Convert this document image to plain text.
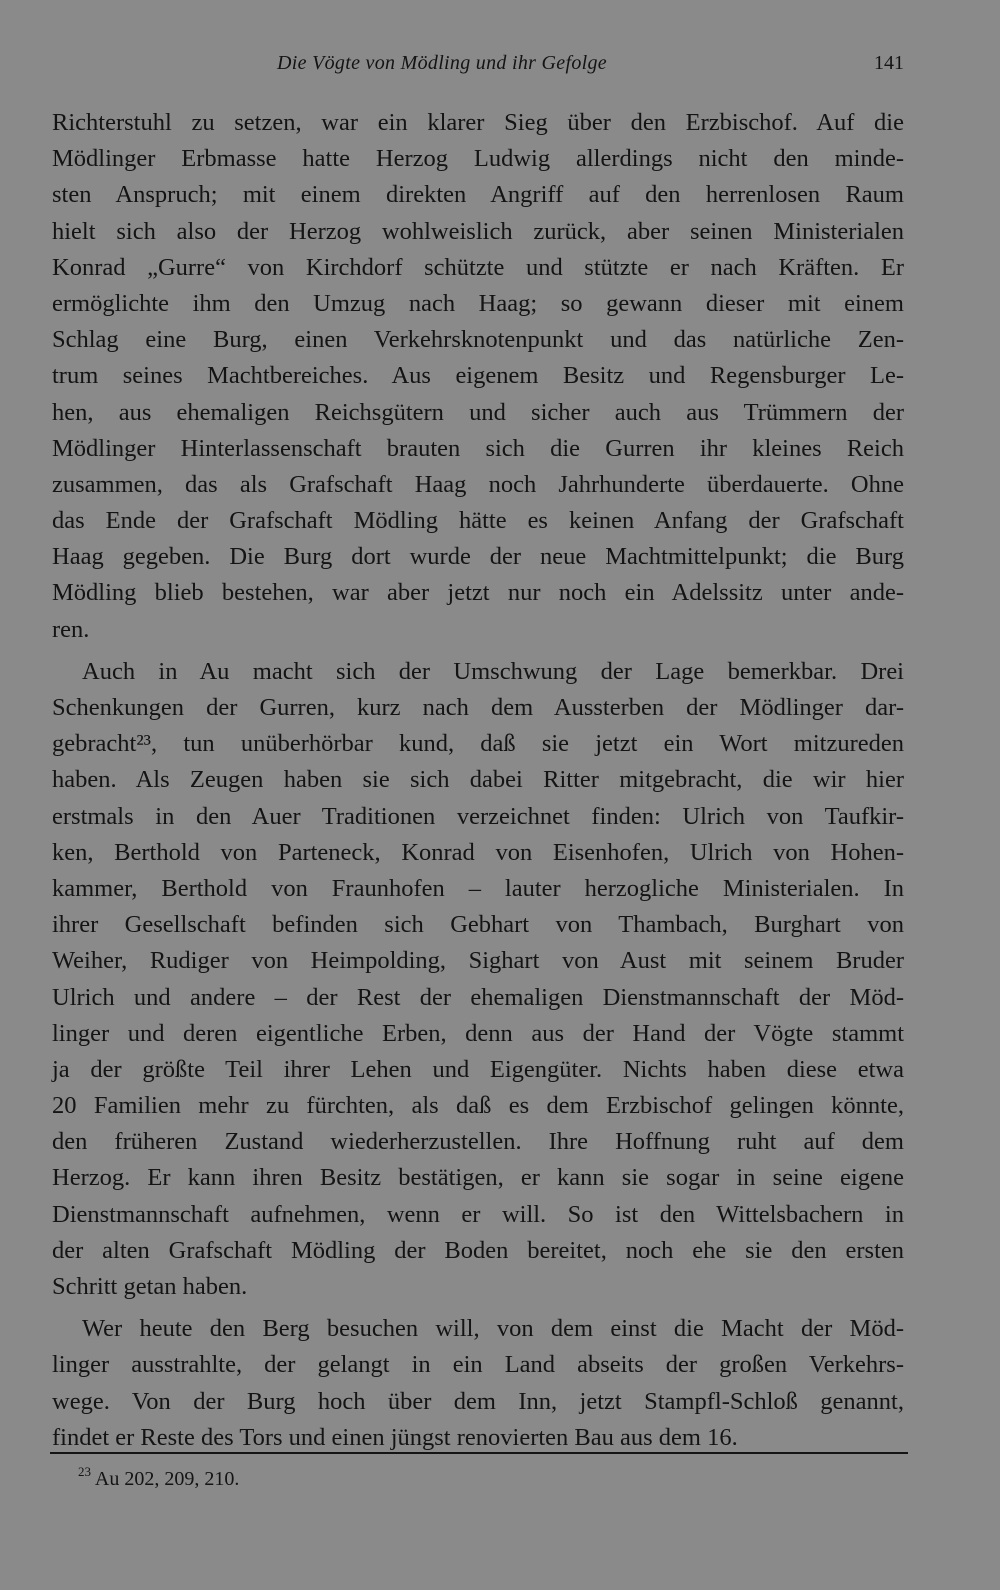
Die Vögte von Mödling und ihr Gefolge	141
Richterstuhl zu setzen, war ein klarer Sieg über den Erzbischof. Auf die
Mödlinger Erbmasse hatte Herzog Ludwig allerdings nicht den minde-
sten Anspruch; mit einem direkten Angriff auf den herrenlosen Raum
hielt sich also der Herzog wohlweislich zurück, aber seinen Ministerialen
Konrad „Gurre“ von Kirchdorf schützte und stützte er nach Kräften. Er
ermöglichte ihm den Umzug nach Haag; so gewann dieser mit einem
Schlag eine Burg, einen Verkehrsknotenpunkt und das natürliche Zen-
trum seines Machtbereiches. Aus eigenem Besitz und Regensburger Le-
hen, aus ehemaligen Reichsgütern und sicher auch aus Trümmern der
Mödlinger Hinterlassenschaft brauten sich die Gurren ihr kleines Reich
zusammen, das als Grafschaft Haag noch Jahrhunderte überdauerte. Ohne
das Ende der Grafschaft Mödling hätte es keinen Anfang der Grafschaft
Haag gegeben. Die Burg dort wurde der neue Machtmittelpunkt; die Burg
Mödling blieb bestehen, war aber jetzt nur noch ein Adelssitz unter ande-
ren.
Auch in Au macht sich der Umschwung der Lage bemerkbar. Drei
Schenkungen der Gurren, kurz nach dem Aussterben der Mödlinger dar-
gebracht²³, tun unüberhörbar kund, daß sie jetzt ein Wort mitzureden
haben. Als Zeugen haben sie sich dabei Ritter mitgebracht, die wir hier
erstmals in den Auer Traditionen verzeichnet finden: Ulrich von Taufkir-
ken, Berthold von Parteneck, Konrad von Eisenhofen, Ulrich von Hohen-
kammer, Berthold von Fraunhofen – lauter herzogliche Ministerialen. In
ihrer Gesellschaft befinden sich Gebhart von Thambach, Burghart von
Weiher, Rudiger von Heimpolding, Sighart von Aust mit seinem Bruder
Ulrich und andere – der Rest der ehemaligen Dienstmannschaft der Möd-
linger und deren eigentliche Erben, denn aus der Hand der Vögte stammt
ja der größte Teil ihrer Lehen und Eigengüter. Nichts haben diese etwa
20 Familien mehr zu fürchten, als daß es dem Erzbischof gelingen könnte,
den früheren Zustand wiederherzustellen. Ihre Hoffnung ruht auf dem
Herzog. Er kann ihren Besitz bestätigen, er kann sie sogar in seine eigene
Dienstmannschaft aufnehmen, wenn er will. So ist den Wittelsbachern in
der alten Grafschaft Mödling der Boden bereitet, noch ehe sie den ersten
Schritt getan haben.
Wer heute den Berg besuchen will, von dem einst die Macht der Möd-
linger ausstrahlte, der gelangt in ein Land abseits der großen Verkehrs-
wege. Von der Burg hoch über dem Inn, jetzt Stampfl-Schloß genannt,
findet er Reste des Tors und einen jüngst renovierten Bau aus dem 16.
$^{23}$ Au 202, 209, 210.
